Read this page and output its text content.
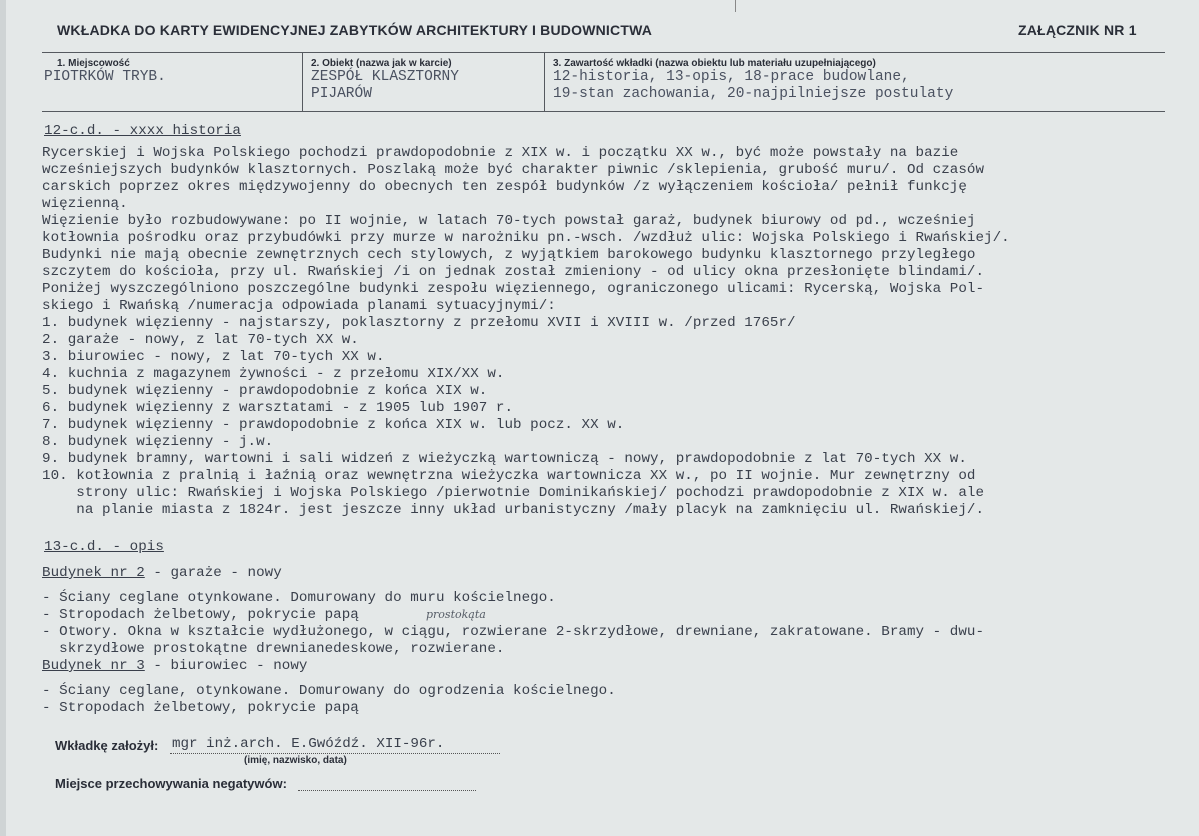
WKŁADKA DO KARTY EWIDENCYJNEJ ZABYTKÓW ARCHITEKTURY I BUDOWNICTWA	ZAŁĄCZNIK NR 1
1. Miejscowość
PIOTRKÓW TRYB.
2. Obiekt (nazwa jak w karcie)
ZESPÓŁ KLASZTORNY
PIJARÓW
3. Zawartość wkładki (nazwa obiektu lub materiału uzupełniającego)
12-historia, 13-opis, 18-prace budowlane,
19-stan zachowania, 20-najpilniejsze postulaty
12-c.d. - xxxx historia
Rycerskiej i Wojska Polskiego pochodzi prawdopodobnie z XIX w. i początku XX w., być może powstały na bazie
wcześniejszych budynków klasztornych. Poszlaką może być charakter piwnic /sklepienia, grubość muru/. Od czasów
carskich poprzez okres międzywojenny do obecnych ten zespół budynków /z wyłączeniem kościoła/ pełnił funkcję
więzienną.
Więzienie było rozbudowywane: po II wojnie, w latach 70-tych powstał garaż, budynek biurowy od pd., wcześniej
kotłownia pośrodku oraz przybudówki przy murze w narożniku pn.-wsch. /wzdłuż ulic: Wojska Polskiego i Rwańskiej/.
Budynki nie mają obecnie zewnętrznych cech stylowych, z wyjątkiem barokowego budynku klasztornego przyległego
szczytem do kościoła, przy ul. Rwańskiej /i on jednak został zmieniony - od ulicy okna przesłonięte blindami/.
Poniżej wyszczególniono poszczególne budynki zespołu więziennego, ograniczonego ulicami: Rycerską, Wojska Pol-
skiego i Rwańską /numeracja odpowiada planami sytuacyjnymi/:
1. budynek więzienny - najstarszy, poklasztorny z przełomu XVII i XVIII w. /przed 1765r/
2. garaże - nowy, z lat 70-tych XX w.
3. biurowiec - nowy, z lat 70-tych XX w.
4. kuchnia z magazynem żywności - z przełomu XIX/XX w.
5. budynek więzienny - prawdopodobnie z końca XIX w.
6. budynek więzienny z warsztatami - z 1905 lub 1907 r.
7. budynek więzienny - prawdopodobnie z końca XIX w. lub pocz. XX w.
8. budynek więzienny - j.w.
9. budynek bramny, wartowni i sali widzeń z wieżyczką wartowniczą - nowy, prawdopodobnie z lat 70-tych XX w.
10. kotłownia z pralnią i łaźnią oraz wewnętrzna wieżyczka wartownicza XX w., po II wojnie. Mur zewnętrzny od
strony ulic: Rwańskiej i Wojska Polskiego /pierwotnie Dominikańskiej/ pochodzi prawdopodobnie z XIX w. ale
na planie miasta z 1824r. jest jeszcze inny układ urbanistyczny /mały placyk na zamknięciu ul. Rwańskiej/.
13-c.d. - opis
Budynek nr 2 - garaże - nowy
- Ściany ceglane otynkowane. Domurowany do muru kościelnego.
- Stropodach żelbetowy, pokrycie papą	prostokąta
- Otwory. Okna w kształcie wydłużonego, w ciągu, rozwierane 2-skrzydłowe, drewniane, zakratowane. Bramy - dwu-
skrzydłowe prostokątne drewnianedeskowe, rozwierane.
Budynek nr 3 - biurowiec - nowy
- Ściany ceglane, otynkowane. Domurowany do ogrodzenia kościelnego.
- Stropodach żelbetowy, pokrycie papą
Wkładkę założył: mgr inż.arch. E.Gwóźdź. XII-96r.
(imię, nazwisko, data)
Miejsce przechowywania negatywów:
